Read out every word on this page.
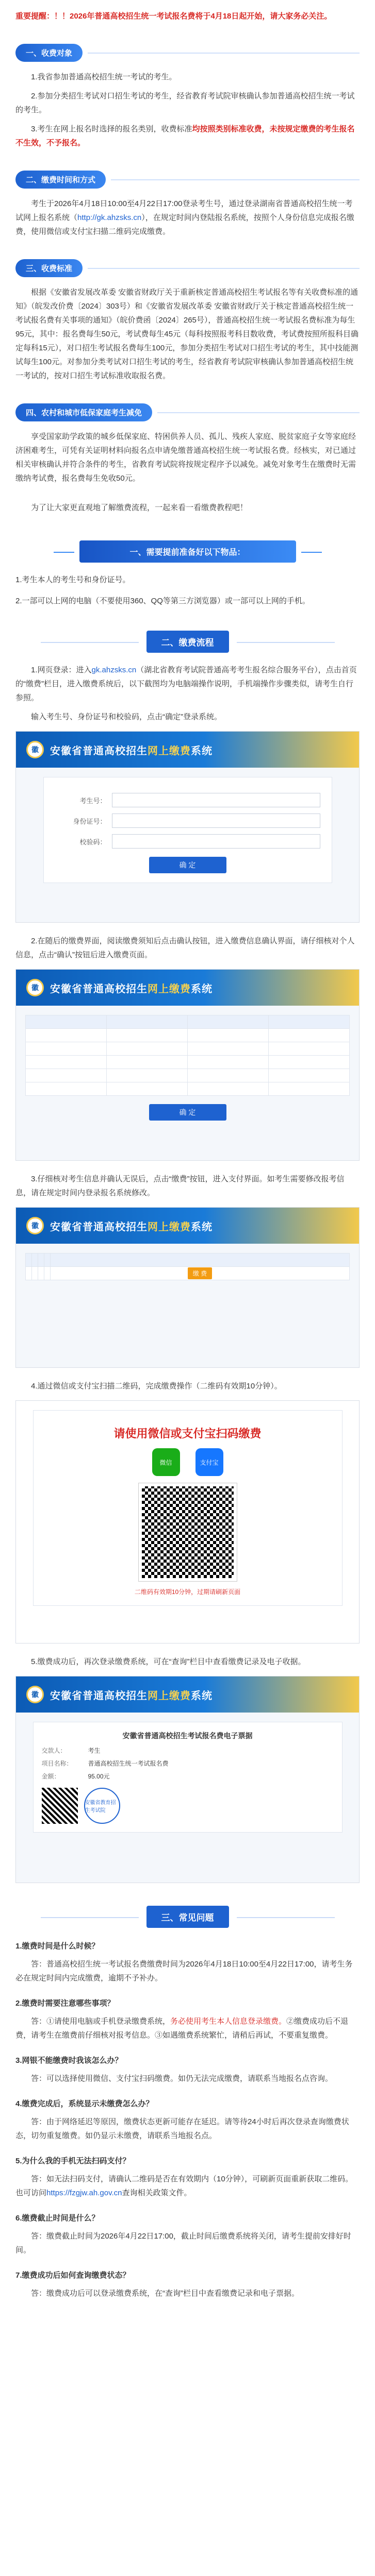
重要提醒：！！2026年普通高校招生统一考试报名费将于4月18日起开始，请大家务必关注。
一、收费对象

1.我省参加普通高校招生统一考试的考生。

2.参加分类招生考试对口招生考试的考生，经省教育考试院审核确认参加普通高校招生统一考试的考生。

3.考生在网上报名时选择的报名类别，收费标准均按照类别标准收费，未按规定缴费的考生报名不生效，不予报名。

二、缴费时间和方式

考生于2026年4月18日10:00至4月22日17:00登录考生号，通过登录湖南省普通高校招生统一考试网上报名系统（http://gk.ahzsks.cn），在规定时间内登陆报名系统，按照个人身份信息完成报名缴费，使用微信或支付宝扫描二维码完成缴费。

三、收费标准

根据《安徽省发展改革委 安徽省财政厅关于重新核定普通高校招生考试报名等有关收费标准的通知》（皖发改价费〔2024〕303号）和《安徽省发展改革委 安徽省财政厅关于核定普通高校招生统一考试报名费有关事项的通知》（皖价费函〔2024〕265号），普通高校招生统一考试报名费标准为每生95元，其中：报名费每生50元，考试费每生45元（每科按照报考科目数收费，考试费按照所报科目确定每科15元），对口招生考试报名费每生100元，参加分类招生考试对口招生考试的考生，其中技能测试每生100元。对参加分类考试对口招生考试的考生，经省教育考试院审核确认参加普通高校招生统一考试的，按对口招生考试标准收取报名费。

四、农村和城市低保家庭考生减免

享受国家助学政策的城乡低保家庭、特困供养人员、孤儿、残疾人家庭、脱贫家庭子女等家庭经济困难考生，可凭有关证明材料向报名点申请免缴普通高校招生统一考试报名费。经核实，对已通过相关审核确认并符合条件的考生，省教育考试院将按规定程序予以减免。减免对象考生在缴费时无需缴纳考试费，报名费每生免收50元。

为了让大家更直观地了解缴费流程，一起来看一看缴费教程吧！

一、需要提前准备好以下物品：

1.考生本人的考生号和身份证号。

2.一部可以上网的电脑（不要使用360、QQ等第三方浏览器）或一部可以上网的手机。

二、缴费流程

1.网页登录：进入gk.ahzsks.cn（湖北省教育考试院普通高考考生报名综合服务平台），点击首页的“缴费”栏目，进入缴费系统后，以下截图均为电脑端操作说明，手机端操作步骤类似，请考生自行参照。

输入考生号、身份证号和校验码，点击“确定”登录系统。

徽	安徽省普通高校招生网上缴费系统
考生号：
身份证号：
校验码：
确 定

2.在随后的缴费界面，阅读缴费须知后点击确认按钮，进入缴费信息确认界面，请仔细核对个人信息，点击“确认”按钮后进入缴费页面。

徽	安徽省普通高校招生网上缴费系统

确 定

3.仔细核对考生信息并确认无误后，点击“缴费”按钮，进入支付界面。如考生需要修改报考信息，请在规定时间内登录报名系统修改。

徽	安徽省普通高校招生网上缴费系统

				缴 费

4.通过微信或支付宝扫描二维码，完成缴费操作（二维码有效期10分钟）。

请使用微信或支付宝扫码缴费
微信	支付宝
二维码有效期10分钟，过期请刷新页面

5.缴费成功后，再次登录缴费系统，可在“查询”栏目中查看缴费记录及电子收据。

徽	安徽省普通高校招生网上缴费系统
安徽省普通高校招生考试报名费电子票据
交款人：	考生
项目名称：	普通高校招生统一考试报名费
金额：	95.00元
安徽省教育招生考试院
三、常见问题

1.缴费时间是什么时候？

答：普通高校招生统一考试报名费缴费时间为2026年4月18日10:00至4月22日17:00，请考生务必在规定时间内完成缴费，逾期不予补办。

2.缴费时需要注意哪些事项？

答：①请使用电脑或手机登录缴费系统，务必使用考生本人信息登录缴费。②缴费成功后不退费，请考生在缴费前仔细核对报考信息。③如遇缴费系统繁忙，请稍后再试，不要重复缴费。

3.网银不能缴费时我该怎么办？

答：可以选择使用微信、支付宝扫码缴费。如仍无法完成缴费，请联系当地报名点咨询。

4.缴费完成后，系统显示未缴费怎么办？

答：由于网络延迟等原因，缴费状态更新可能存在延迟。请等待24小时后再次登录查询缴费状态，切勿重复缴费。如仍显示未缴费，请联系当地报名点。

5.为什么我的手机无法扫码支付？

答：如无法扫码支付，请确认二维码是否在有效期内（10分钟），可刷新页面重新获取二维码。也可访问https://fzgjw.ah.gov.cn查询相关政策文件。

6.缴费截止时间是什么？

答：缴费截止时间为2026年4月22日17:00，截止时间后缴费系统将关闭，请考生提前安排好时间。

7.缴费成功后如何查询缴费状态？

答：缴费成功后可以登录缴费系统，在“查询”栏目中查看缴费记录和电子票据。
